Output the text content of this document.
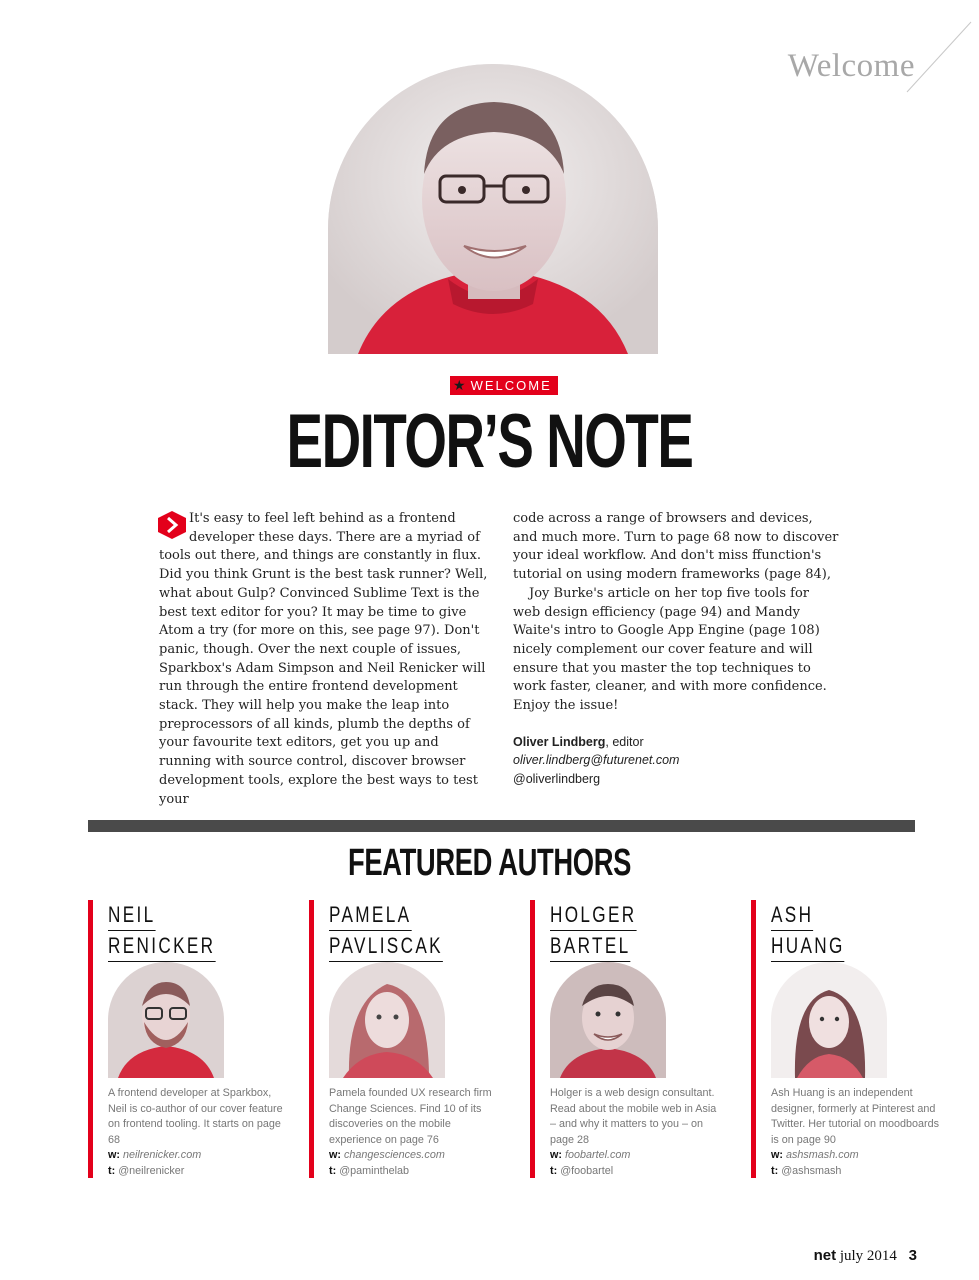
Welcome
★ WELCOME
EDITOR’S NOTE

It's easy to feel left behind as a frontend developer these days. There are a myriad of tools out there, and things are constantly in flux. Did you think Grunt is the best task runner? Well, what about Gulp? Convinced Sublime Text is the best text editor for you? It may be time to give Atom a try (for more on this, see page 97). Don't panic, though. Over the next couple of issues, Sparkbox's Adam Simpson and Neil Renicker will run through the entire frontend development stack. They will help you make the leap into preprocessors of all kinds, plumb the depths of your favourite text editors, get you up and running with source control, discover browser development tools, explore the best ways to test your

code across a range of browsers and devices, and much more. Turn to page 68 now to discover your ideal workflow. And don't miss ffunction's tutorial on using modern frameworks (page 84),

Joy Burke's article on her top five tools for web design efficiency (page 94) and Mandy Waite's intro to Google App Engine (page 108) nicely complement our cover feature and will ensure that you master the top techniques to work faster, cleaner, and with more confidence. Enjoy the issue!

Oliver Lindberg, editor
oliver.lindberg@futurenet.com
@oliverlindberg
FEATURED AUTHORS
NEIL
RENICKER
A frontend developer at Sparkbox, Neil is co-author of our cover feature on frontend tooling. It starts on page 68
w: neilrenicker.com
t: @neilrenicker
PAMELA
PAVLISCAK
Pamela founded UX research firm Change Sciences. Find 10 of its discoveries on the mobile experience on page 76
w: changesciences.com
t: @paminthelab
HOLGER
BARTEL
Holger is a web design consultant. Read about the mobile web in Asia – and why it matters to you – on page 28
w: foobartel.com
t: @foobartel
ASH
HUANG
Ash Huang is an independent designer, formerly at Pinterest and Twitter. Her tutorial on moodboards is on page 90
w: ashsmash.com
t: @ashsmash
net july 2014 3
